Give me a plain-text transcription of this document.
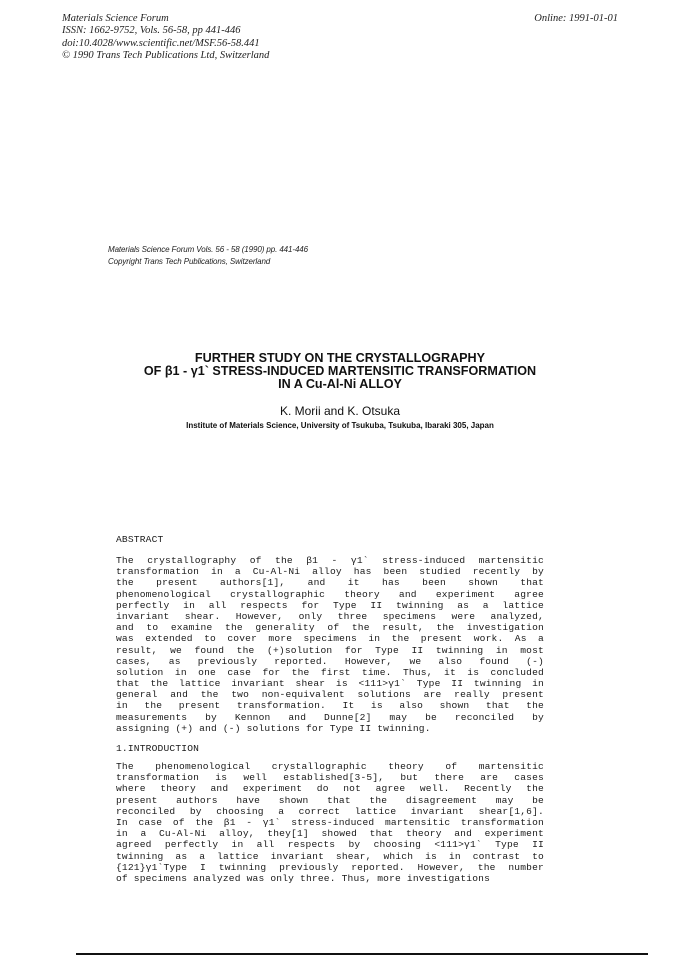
Materials Science Forum
ISSN: 1662-9752, Vols. 56-58, pp 441-446
doi:10.4028/www.scientific.net/MSF.56-58.441
© 1990 Trans Tech Publications Ltd, Switzerland
Online: 1991-01-01
Materials Science Forum Vols. 56 - 58 (1990) pp. 441-446
Copyright Trans Tech Publications, Switzerland
FURTHER STUDY ON THE CRYSTALLOGRAPHY
OF β1 - γ1` STRESS-INDUCED MARTENSITIC TRANSFORMATION
IN A Cu-Al-Ni ALLOY
K. Morii and K. Otsuka
Institute of Materials Science, University of Tsukuba, Tsukuba, Ibaraki 305, Japan
ABSTRACT
The crystallography of the β1 - γ1` stress-induced martensitic
transformation in a Cu-Al-Ni alloy has been studied recently by
the present authors[1], and it has been shown that
phenomenological crystallographic theory and experiment agree
perfectly in all respects for Type II twinning as a lattice
invariant shear. However, only three specimens were analyzed,
and to examine the generality of the result, the investigation
was extended to cover more specimens in the present work. As a
result, we found the (+)solution for Type II twinning in most
cases, as previously reported. However, we also found (-)
solution in one case for the first time. Thus, it is concluded
that the lattice invariant shear is <111>γ1` Type II twinning in
general and the two non-equivalent solutions are really present
in the present transformation. It is also shown that the
measurements by Kennon and Dunne[2] may be reconciled by
assigning (+) and (-) solutions for Type II twinning.
1.INTRODUCTION
The phenomenological crystallographic theory of martensitic
transformation is well established[3-5], but there are cases
where theory and experiment do not agree well. Recently the
present authors have shown that the disagreement may be
reconciled by choosing a correct lattice invariant shear[1,6].
In case of the β1 - γ1` stress-induced martensitic transformation
in a Cu-Al-Ni alloy, they[1] showed that theory and experiment
agreed perfectly in all respects by choosing <111>γ1` Type II
twinning as a lattice invariant shear, which is in contrast to
{121}γ1`Type I twinning previously reported. However, the number
of specimens analyzed was only three. Thus, more investigations
